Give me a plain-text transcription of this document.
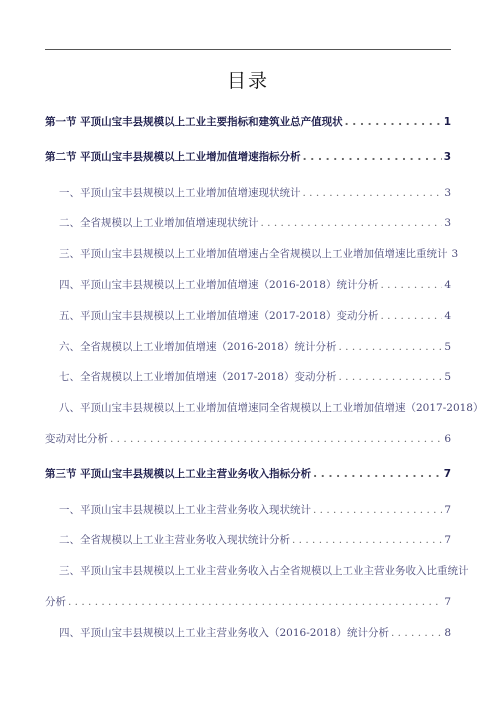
目录
第一节 平顶山宝丰县规模以上工业主要指标和建筑业总产值现状 . . .	1
第二节 平顶山宝丰县规模以上工业增加值增速指标分析 . . .	3
一、平顶山宝丰县规模以上工业增加值增速现状统计 . . .	3
二、全省规模以上工业增加值增速现状统计 . . .	3
三、平顶山宝丰县规模以上工业增加值增速占全省规模以上工业增加值增速比重统计 3
四、平顶山宝丰县规模以上工业增加值增速（2016-2018）统计分析 . . .	4
五、平顶山宝丰县规模以上工业增加值增速（2017-2018）变动分析 . . .	4
六、全省规模以上工业增加值增速（2016-2018）统计分析 . . .	5
七、全省规模以上工业增加值增速（2017-2018）变动分析 . . .	5
八、平顶山宝丰县规模以上工业增加值增速同全省规模以上工业增加值增速（2017-2018）
变动对比分析 . . .	6
第三节 平顶山宝丰县规模以上工业主营业务收入指标分析 . . .	7
一、平顶山宝丰县规模以上工业主营业务收入现状统计 . . .	7
二、全省规模以上工业主营业务收入现状统计分析 . . .	7
三、平顶山宝丰县规模以上工业主营业务收入占全省规模以上工业主营业务收入比重统计
分析 . . .	7
四、平顶山宝丰县规模以上工业主营业务收入（2016-2018）统计分析 . . .	8
